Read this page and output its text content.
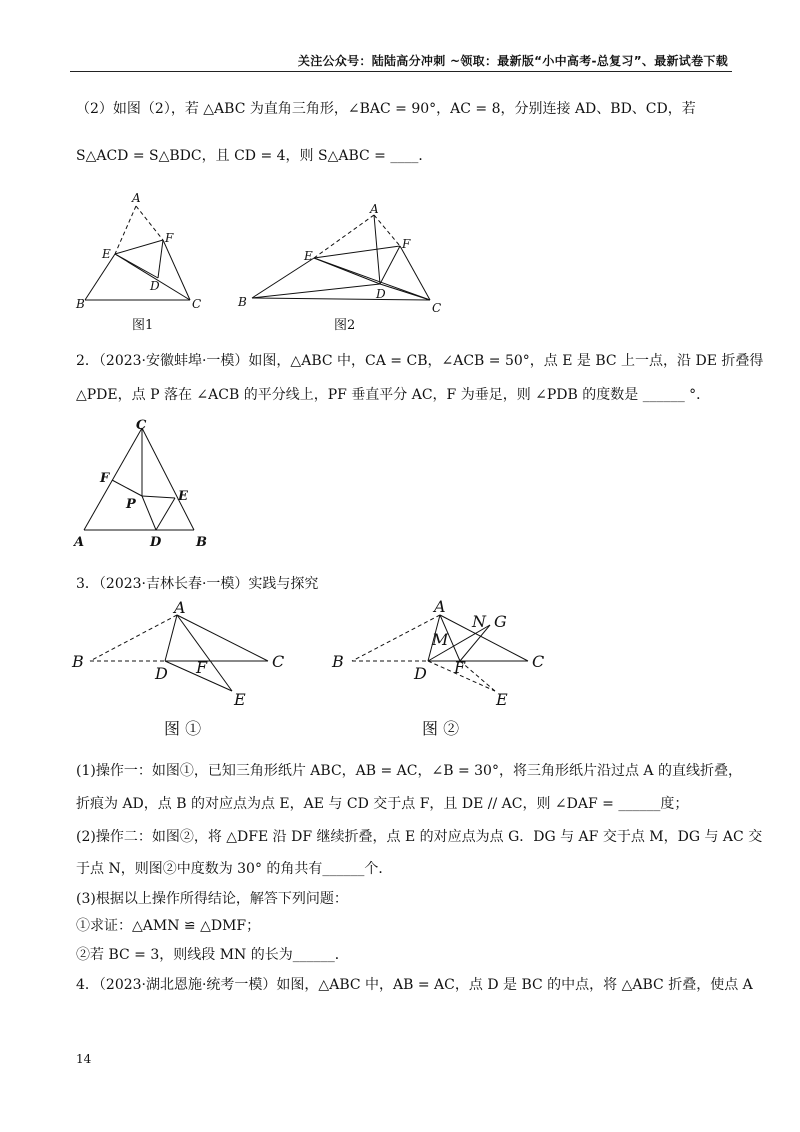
关注公众号：陆陆高分冲刺 ~领取：最新版“小中高考-总复习”、最新试卷下载
（2）如图（2），若 △ABC 为直角三角形，∠BAC = 90°，AC = 8，分别连接 AD、BD、CD，若
S△ACD = S△BDC，且 CD = 4，则 S△ABC = ____．
A
E
F
D
B	C
图1
A
E
F
D
B	C
图2
2．（2023·安徽蚌埠·一模）如图，△ABC 中，CA = CB，∠ACB = 50°，点 E 是 BC 上一点，沿 DE 折叠得
△PDE，点 P 落在 ∠ACB 的平分线上，PF 垂直平分 AC，F 为垂足，则 ∠PDB 的度数是 ______ °．
C
F
P
E
A	D	B
3．（2023·吉林长春·一模）实践与探究
A
B
D F	C
E
图 ①
A
N G
M
B
D F	C
E
图 ②
(1)操作一：如图①，已知三角形纸片 ABC，AB = AC，∠B = 30°，将三角形纸片沿过点 A 的直线折叠，
折痕为 AD，点 B 的对应点为点 E，AE 与 CD 交于点 F，且 DE // AC，则 ∠DAF = ______度；
(2)操作二：如图②，将 △DFE 沿 DF 继续折叠，点 E 的对应点为点 G．DG 与 AF 交于点 M，DG 与 AC 交
于点 N，则图②中度数为 30° 的角共有______个．
(3)根据以上操作所得结论，解答下列问题：
①求证：△AMN ≌ △DMF；
②若 BC = 3，则线段 MN 的长为______．
4．（2023·湖北恩施·统考一模）如图，△ABC 中，AB = AC，点 D 是 BC 的中点，将 △ABC 折叠，使点 A
14
